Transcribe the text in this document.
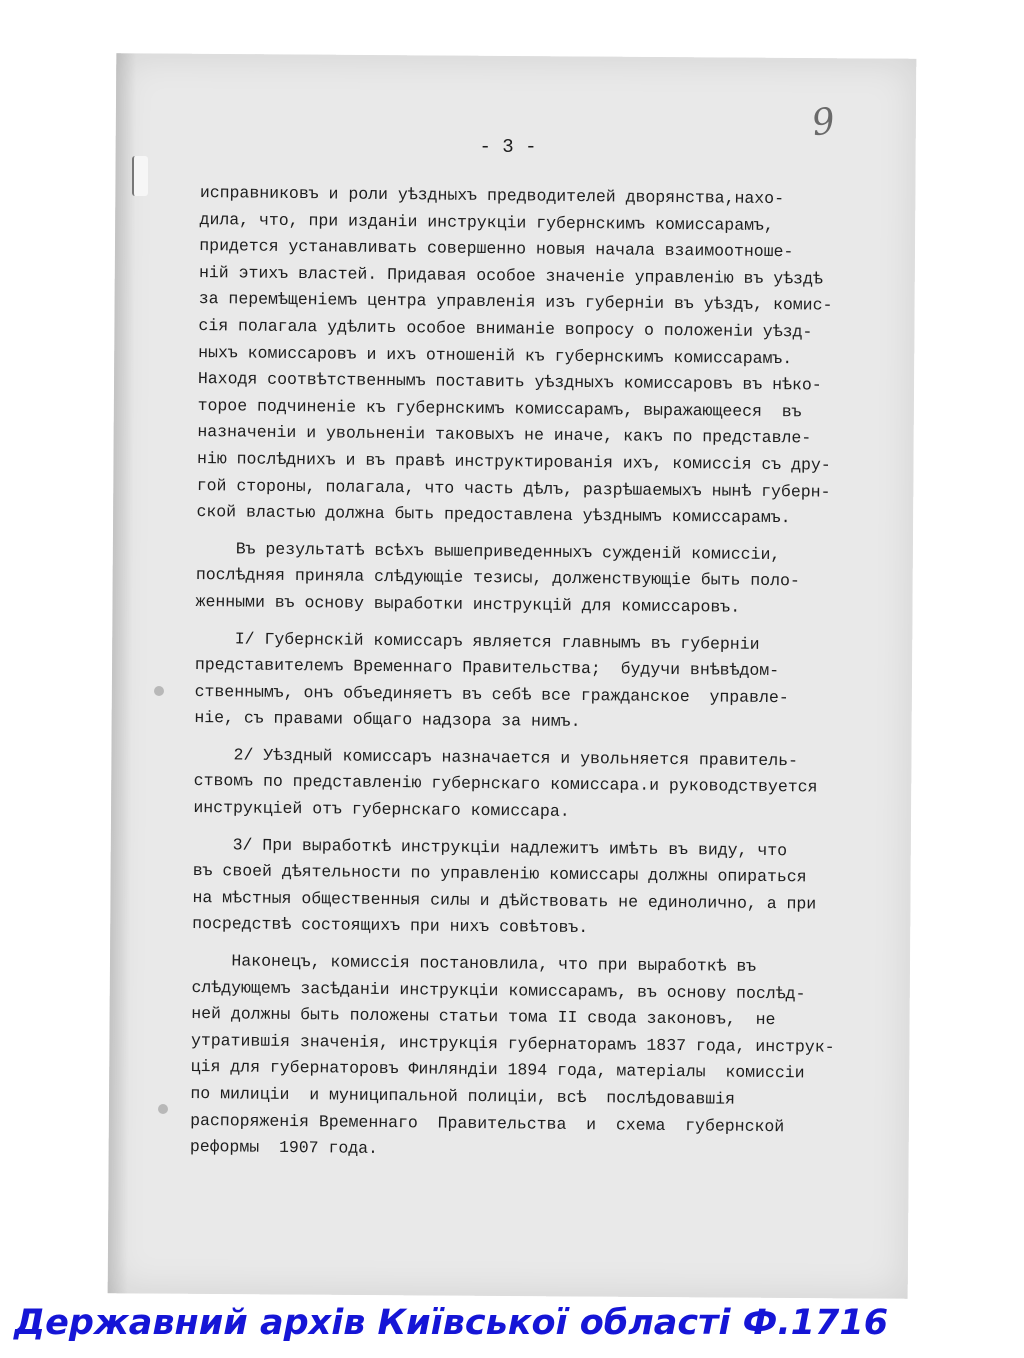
- 3 -
9
исправниковъ и роли уѣздныхъ предводителей дворянства,нахо-
дила, что, при изданіи инструкціи губернскимъ комиссарамъ,
придется устанавливать совершенно новыя начала взаимоотноше-
ній этихъ властей. Придавая особое значеніе управленію въ уѣздѣ
за перемѣщеніемъ центра управленія изъ губерніи въ уѣздъ, комис-
сія полагала удѣлить особое вниманіе вопросу о положеніи уѣзд-
ныхъ комиссаровъ и ихъ отношеній къ губернскимъ комиссарамъ.
Находя соотвѣтственнымъ поставить уѣздныхъ комиссаровъ въ нѣко-
торое подчиненіе къ губернскимъ комиссарамъ, выражающееся  въ
назначеніи и увольненіи таковыхъ не иначе, какъ по представле-
нію послѣднихъ и въ правѣ инструктированія ихъ, комиссія съ дру-
гой стороны, полагала, что часть дѣлъ, разрѣшаемыхъ нынѣ губерн-
ской властью должна быть предоставлена уѣзднымъ комиссарамъ.
Въ результатѣ всѣхъ вышеприведенныхъ сужденій комиссіи,
послѣдняя приняла слѣдующіе тезисы, долженствующіе быть поло-
женными въ основу выработки инструкцій для комиссаровъ.
I/ Губернскій комиссаръ является главнымъ въ губерніи
представителемъ Временнаго Правительства;  будучи внѣвѣдом-
ственнымъ, онъ объединяетъ въ себѣ все гражданское  управле-
ніе, съ правами общаго надзора за нимъ.
2/ Уѣздный комиссаръ назначается и увольняется правитель-
ствомъ по представленію губернскаго комиссара.и руководствуется
инструкціей отъ губернскаго комиссара.
3/ При выработкѣ инструкціи надлежитъ имѣть въ виду, что
въ своей дѣятельности по управленію комиссары должны опираться
на мѣстныя общественныя силы и дѣйствовать не единолично, а при
посредствѣ состоящихъ при нихъ совѣтовъ.
Наконецъ, комиссія постановлила, что при выработкѣ въ
слѣдующемъ засѣданіи инструкціи комиссарамъ, въ основу послѣд-
ней должны быть положены статьи тома II свода законовъ,  не
утратившія значенія, инструкція губернаторамъ 1837 года, инструк-
ція для губернаторовъ Финляндіи 1894 года, матеріалы  комиссіи
по милиціи  и муниципальной полиціи, всѣ  послѣдовавшія
распоряженія Временнаго  Правительства  и  схема  губернской
реформы  1907 года.
Державний архів Київської області Ф.1716
